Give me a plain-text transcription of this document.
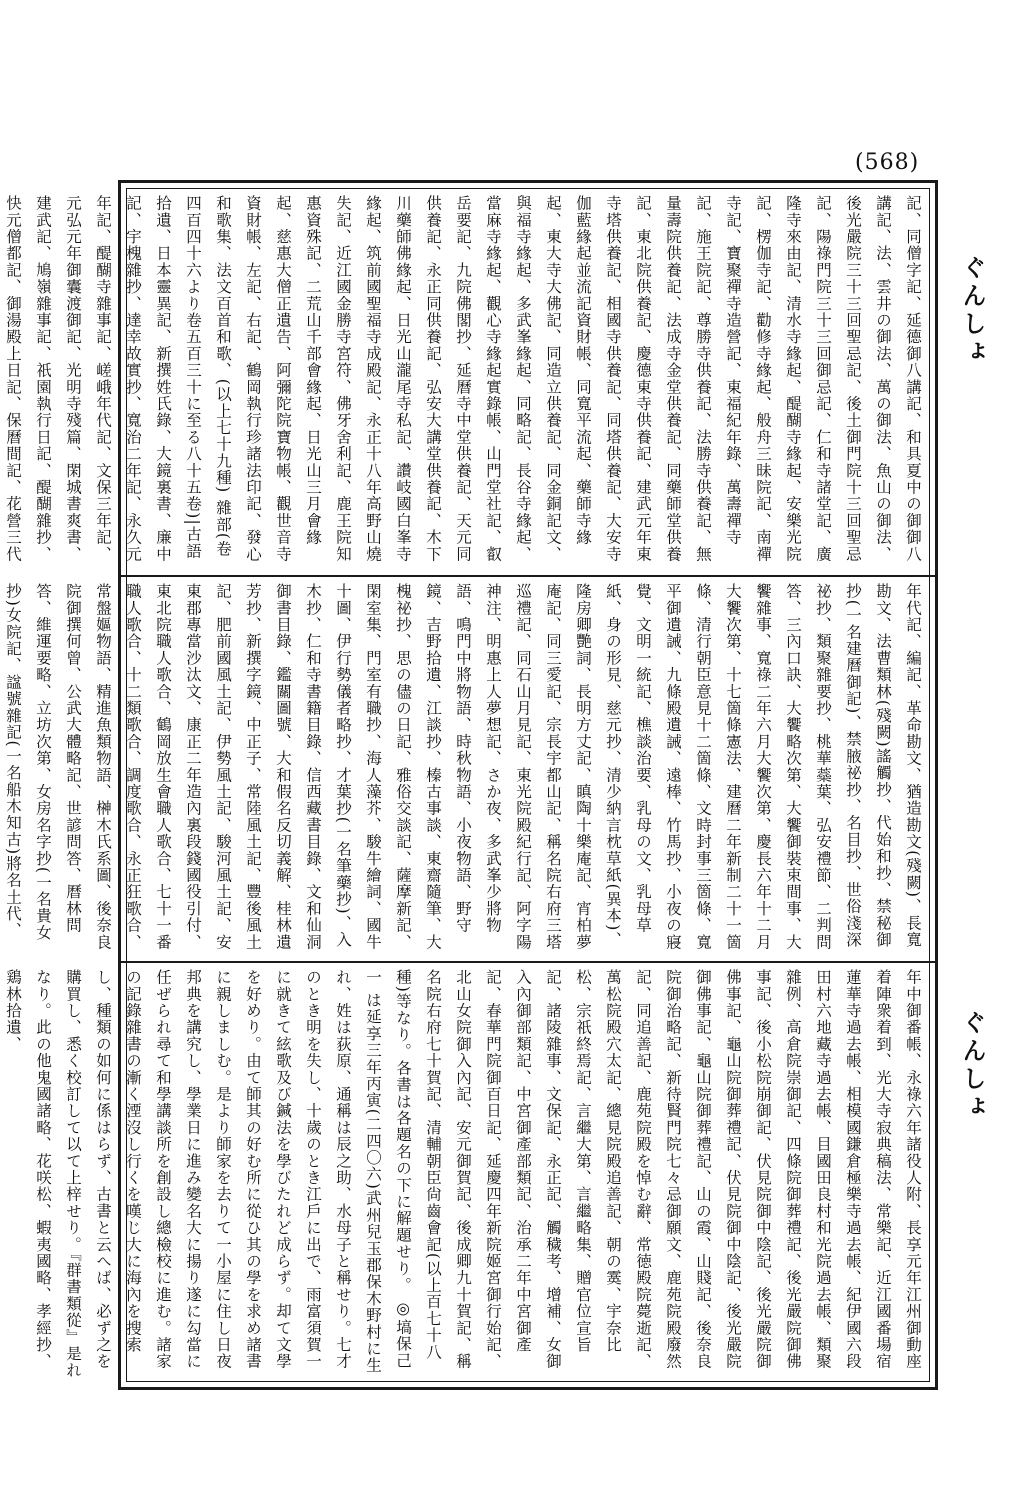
(568)
ぐんしょ
ぐんしょ
記、同僧字記、延德御八講記、和具夏中の御御八講記、法、雲井の御法、萬の御法、魚山の御法、後光嚴院三十三回聖忌記、後土御門院十三回聖忌記、陽祿門院三十三回御忌記、仁和寺諸堂記、廣隆寺來由記、清水寺緣起、醍醐寺緣起、安樂光院記、楞伽寺記、勸修寺緣起、般舟三昧院記、南禪寺記、寶聚禪寺造營記、東福紀年錄、萬壽禪寺記、施王院記、尊勝寺供養記、法勝寺供養記、無量壽院供養記、法成寺金堂供養記、同藥師堂供養記、東北院供養記、慶德東寺供養記、建武元年東寺塔供養記、相國寺供養記、同塔供養記、大安寺伽藍緣起並流記資財帳、同寬平流起、藥師寺緣起、東大寺大佛記、同造立供養記、同金銅記文、與福寺緣起、多武峯緣起、同略記、長谷寺緣起、當麻寺緣起、觀心寺緣起實錄帳、山門堂社記、叡岳要記、九院佛閣抄、延曆寺中堂供養記、天元同供養記、永正同供養記、弘安大講堂供養記、木下川藥師佛緣起、日光山瀧尾寺私記、讚岐國白峯寺緣起、筑前國聖福寺成殿記、永正十八年高野山燒失記、近江國金勝寺宮符、佛牙舍利記、鹿王院知惠資殊記、二荒山千部會緣起、日光山三月會緣起、慈惠大僧正遺告、阿彌陀院寶物帳、觀世音寺資財帳、左記、右記、鶴岡執行珍諸法印記、發心和歌集、法文百首和歌、(以上七十九種) 雜部(卷四百四十六より卷五百三十に至る八十五卷)|古語拾遺、日本靈異記、新撰姓氏錄、大鏡裏書、廉中記、宇槐雜抄、達幸故實抄、寬治二年記、永久元年記、醍醐寺雜事記、嵯峨年代記、文保三年記、元弘元年御囊渡御記、光明寺殘篇、閑城書爽書、建武記、鳩嶺雜事記、祇園執行日記、醍醐雜抄、快元僧都記、御湯殿上日記、保曆間記、花營三代
年代記、編記、革命勘文、猶造勘文(殘闕)、長寬勘文、法曹類林(殘闕)謠觸抄、代始和抄、禁秘御抄(一名建曆御記)、禁腋祕抄、名目抄、世俗淺深祕抄、類聚雜要抄、桃華蘂葉、弘安禮節、二判問答、三內口訣、大饗略次第、大饗御裝束間事、大饗雜事、寬祿二年六月大饗次第、慶長六年十二月大饗次第、十七箇條憲法、建曆二年新制二十一箇條、清行朝臣意見十二箇條、文時封事三箇條、寬平御遺誡、九條殿遺誡、遠棒、竹馬抄、小夜の寢覺、文明一統記、樵談治要、乳母の文、乳母草紙、身の形見、慈元抄、清少納言枕草紙(異本)、隆房卿艷詞、長明方丈記、瞋陶十樂庵記、宵柏夢庵記、同三愛記、宗長宇都山記、稱名院右府三塔巡禮記、同石山月見記、東光院殿紀行記、阿字陽神注、明惠上人夢想記、さか夜、多武峯少將物語、鳴門中將物語、時秋物語、小夜物語、野守鏡、吉野拾遺、江談抄、榛古事談、東齋隨筆、大槐祕抄、思の儘の日記、雅俗交談記、薩摩新記、閑室集、門室有職抄、海人藻芥、駿牛繪詞、國牛十圖、伊行勢儀者略抄、才葉抄(一名筆藥抄)、入木抄、仁和寺書籍目錄、信西藏書目錄、文和仙洞御書目錄、鑑關圖號、大和假名反切義解、桂林遺芳抄、新撰字鏡、中正子、常陸風土記、豐後風土記、肥前國風土記、伊勢風土記、駿河風土記、安東郡專當沙汰文、康正二年造內裏段錢國役引付、東北院職人歌合、鶴岡放生會職人歌合、七十一番職人歌合、十二類歌合、調度歌合、永正狂歌合、常盤嫗物語、精進魚類物語、榊木氏系圖、後奈良院御撰何曾、公武大體略記、世諺問答、曆林問答、維運要略、立坊次第、女房名字抄(一名貴女抄)女院記、諡號雜記(一名船木知古)將名土代、
年中御番帳、永祿六年諸役人附、長享元年江州御動座着陣衆着到、光大寺寂典稿法、常樂記、近江國番場宿蓮華寺過去帳、相模國鎌倉極樂寺過去帳、紀伊國六段田村六地藏寺過去帳、目國田良村和光院過去帳、類聚雜例、高倉院崇御記、四條院御葬禮記、後光嚴院御佛事記、後小松院崩御記、伏見院御中陰記、後光嚴院御佛事記、龜山院御葬禮記、伏見院御中陰記、後光嚴院御佛事記、龜山院御葬禮記、山の霞、山賤記、後奈良院御治略記、新待賢門院七々忌御願文、鹿苑院殿廢然記、同追善記、鹿苑院殿を悼む辭、常徳殿院薨逝記、萬松院殿穴太記、總見院殿追善記、朝の霙、宇奈比松、宗祇終焉記、言繼大第、言繼略集、贈官位宣旨記、諸陵雜事、文保記、永正記、觸穢考、增補、女御入內御部類記、中宮御產部類記、治承二年中宮御產記、春華門院御百日記、延慶四年新院姬宮御行始記、北山女院御入內記、安元御賀記、後成卿九十賀記、稱名院右府七十賀記、清輔朝臣尙齒會記(以上百七十八種)等なり。各書は各題名の下に解題せり。 ◎塙保己一 は延享三年丙寅(二四〇六)武州兒玉郡保木野村に生れ、姓は荻原、通稱は辰之助、水母子と稱せり。七才のとき明を失し、十歲のとき江戶に出で、雨富須賀一に就きて絃歌及び鍼法を學びたれど成らず。却て文學を好めり。由て師其の好む所に從ひ其の學を求め諸書に親しましむ。是より師家を去りて一小屋に住し日夜邦典を講究し、學業日に進み變名大に揚り遂に勾當に任ぜられ尋て和學講談所を創設し總檢校に進む。諸家の記錄雜書の漸く湮沒し行くを嘆じ大に海內を搜索し、種類の如何に係はらず、古書と云へば、必ず之を購買し、悉く校訂して以て上梓せり。『群書類從』是れなり。此の他鬼國諸略、花咲松、蝦夷國略、孝經抄、鶏林拾遺、
